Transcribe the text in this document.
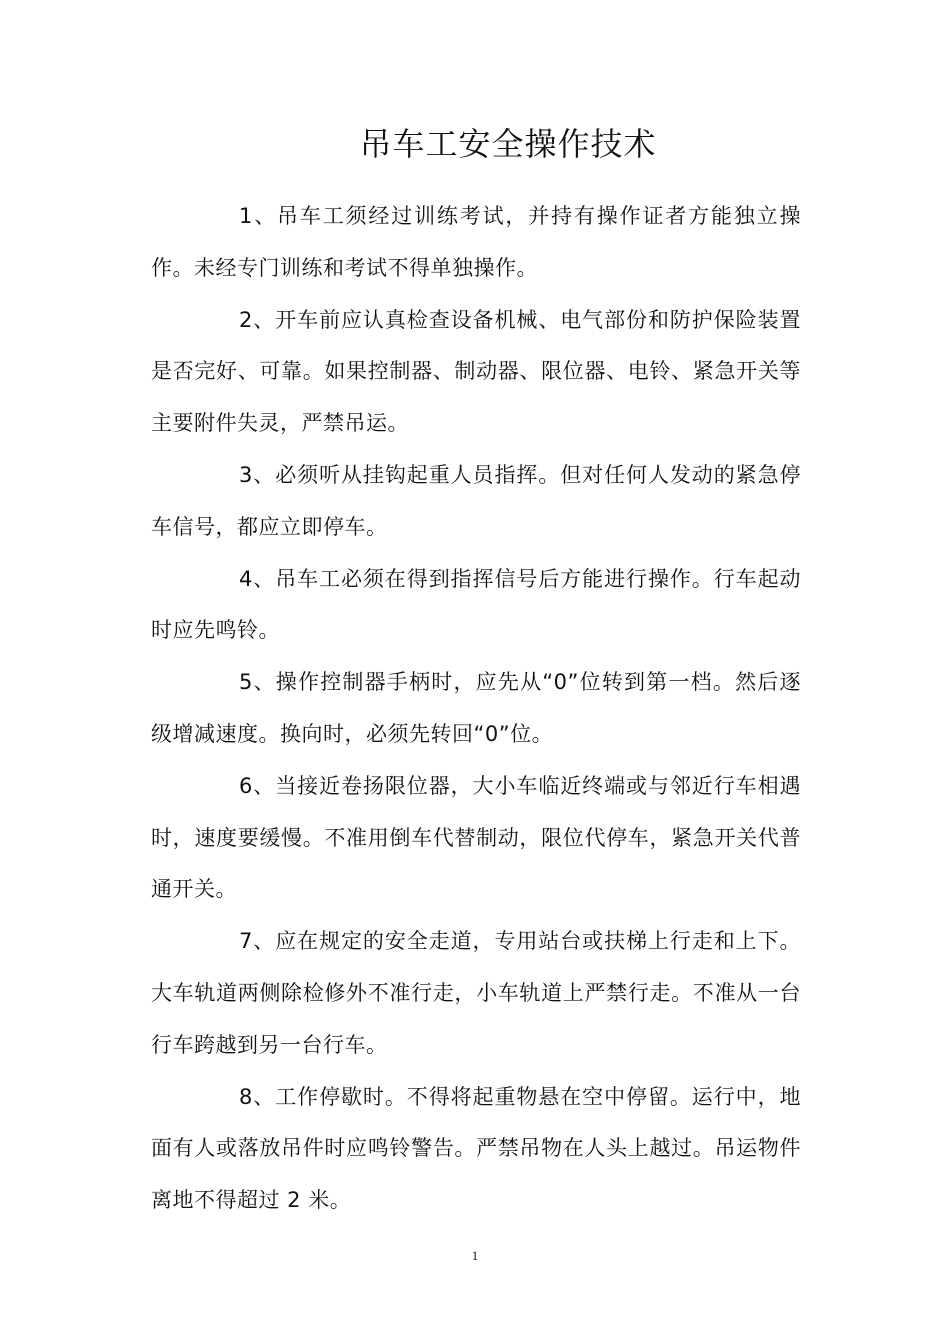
吊车工安全操作技术

1、吊车工须经过训练考试，并持有操作证者方能独立操作。未经专门训练和考试不得单独操作。

2、开车前应认真检查设备机械、电气部份和防护保险装置是否完好、可靠。如果控制器、制动器、限位器、电铃、紧急开关等主要附件失灵，严禁吊运。

3、必须听从挂钩起重人员指挥。但对任何人发动的紧急停车信号，都应立即停车。

4、吊车工必须在得到指挥信号后方能进行操作。行车起动时应先鸣铃。

5、操作控制器手柄时，应先从“0”位转到第一档。然后逐级增减速度。换向时，必须先转回“0”位。

6、当接近卷扬限位器，大小车临近终端或与邻近行车相遇时，速度要缓慢。不准用倒车代替制动，限位代停车，紧急开关代普通开关。

7、应在规定的安全走道，专用站台或扶梯上行走和上下。大车轨道两侧除检修外不准行走，小车轨道上严禁行走。不准从一台行车跨越到另一台行车。

8、工作停歇时。不得将起重物悬在空中停留。运行中，地面有人或落放吊件时应鸣铃警告。严禁吊物在人头上越过。吊运物件离地不得超过 2 米。

1
